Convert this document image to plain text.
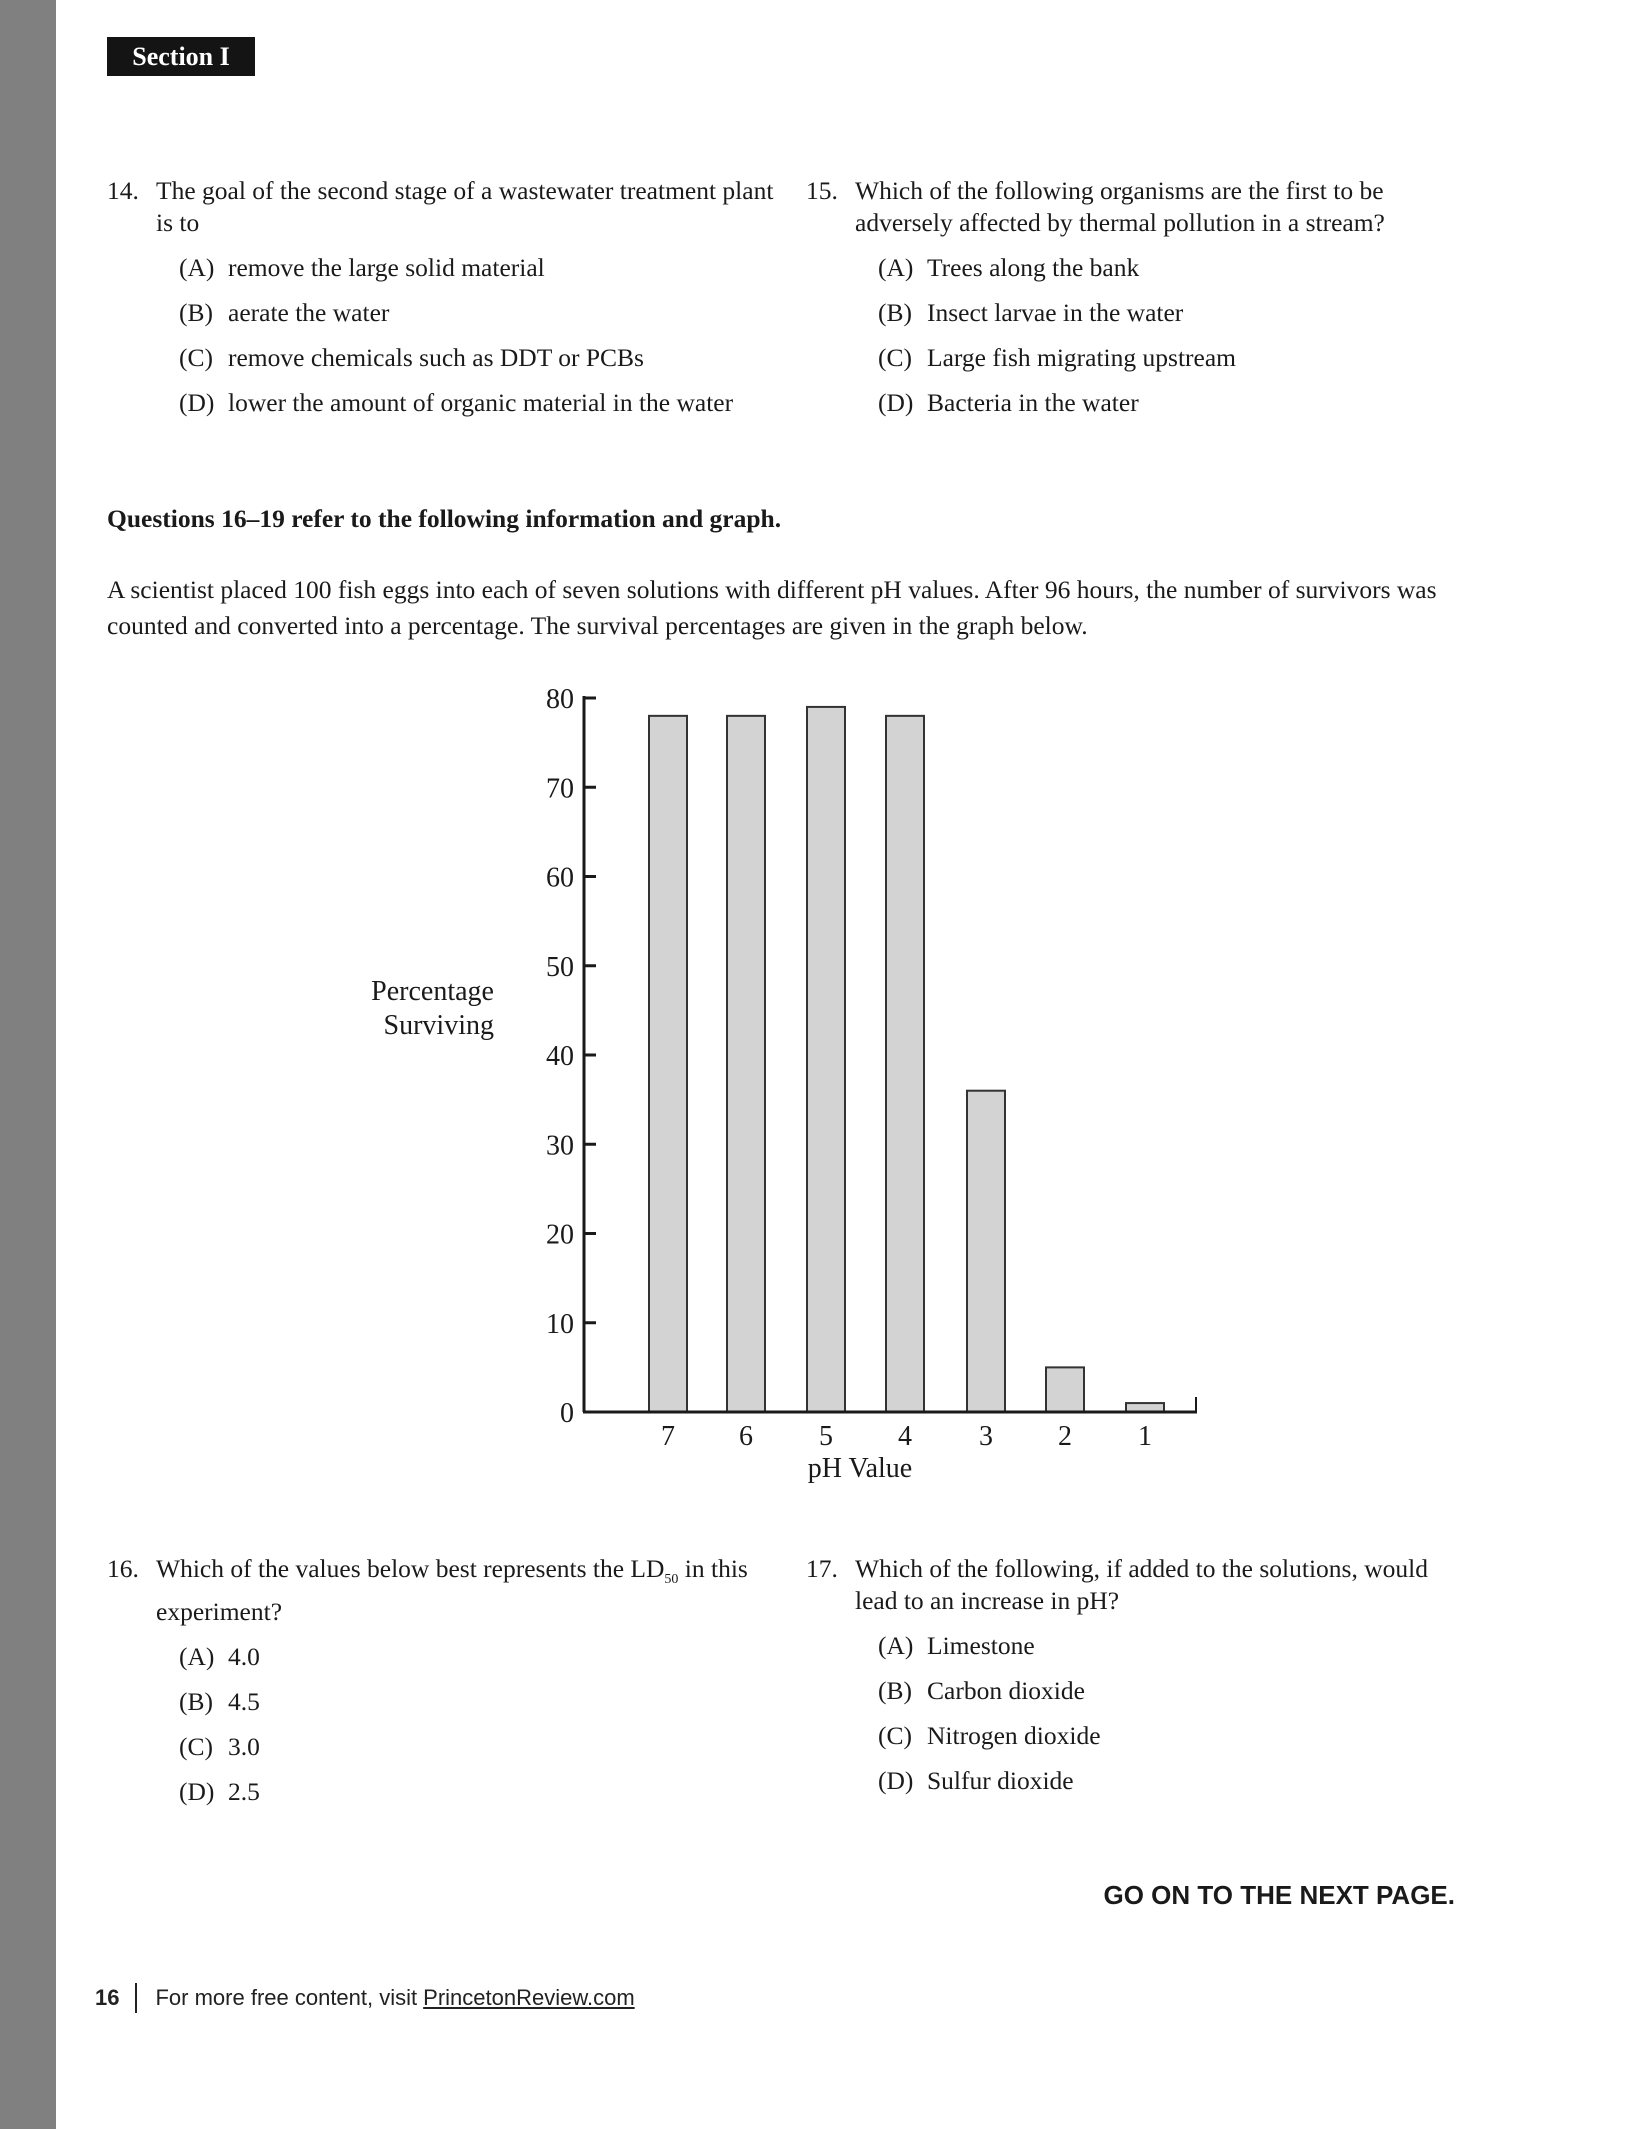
Section I
14. The goal of the second stage of a wastewater treatment plant is to
(A) remove the large solid material
(B) aerate the water
(C) remove chemicals such as DDT or PCBs
(D) lower the amount of organic material in the water
15. Which of the following organisms are the first to be adversely affected by thermal pollution in a stream?
(A) Trees along the bank
(B) Insect larvae in the water
(C) Large fish migrating upstream
(D) Bacteria in the water
Questions 16–19 refer to the following information and graph.
A scientist placed 100 fish eggs into each of seven solutions with different pH values. After 96 hours, the number of survivors was counted and converted into a percentage. The survival percentages are given in the graph below.
Percentage
Surviving
0
10
20
30
40
50
60
70
80
7 6 5 4 3 2 1
pH Value
16. Which of the values below best represents the $LD_{50}$ in this experiment?
(A) 4.0
(B) 4.5
(C) 3.0
(D) 2.5
17. Which of the following, if added to the solutions, would lead to an increase in pH?
(A) Limestone
(B) Carbon dioxide
(C) Nitrogen dioxide
(D) Sulfur dioxide
GO ON TO THE NEXT PAGE.
16 For more free content, visit PrincetonReview.com
